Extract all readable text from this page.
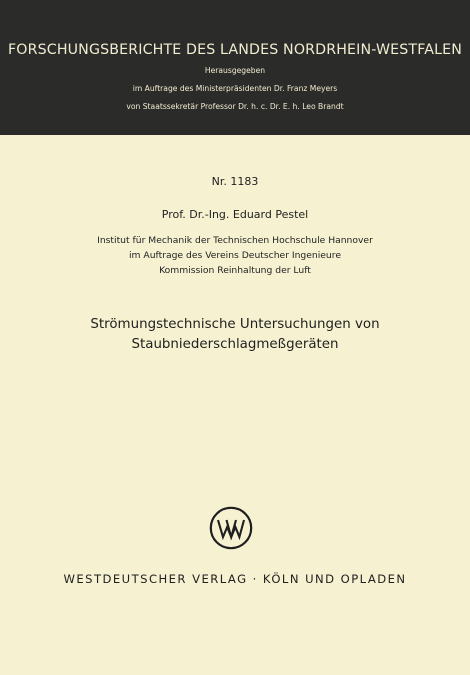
FORSCHUNGSBERICHTE DES LANDES NORDRHEIN-WESTFALEN
Herausgegeben
im Auftrage des Ministerpräsidenten Dr. Franz Meyers
von Staatssekretär Professor Dr. h. c. Dr. E. h. Leo Brandt
Nr. 1183
Prof. Dr.-Ing. Eduard Pestel
Institut für Mechanik der Technischen Hochschule Hannover
im Auftrage des Vereins Deutscher Ingenieure
Kommission Reinhaltung der Luft
Strömungstechnische Untersuchungen von
Staubniederschlagmeßgeräten
WESTDEUTSCHER VERLAG · KÖLN UND OPLADEN
